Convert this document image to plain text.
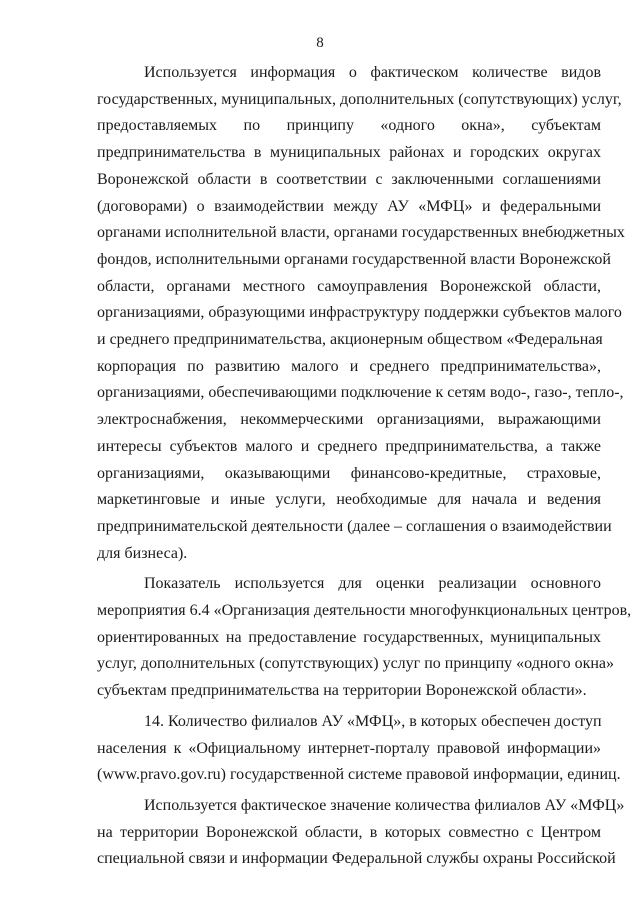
8
Используется информация о фактическом количестве видов
государственных, муниципальных, дополнительных (сопутствующих) услуг,
предоставляемых по принципу «одного окна», субъектам
предпринимательства в муниципальных районах и городских округах
Воронежской области в соответствии с заключенными соглашениями
(договорами) о взаимодействии между АУ «МФЦ» и федеральными
органами исполнительной власти, органами государственных внебюджетных
фондов, исполнительными органами государственной власти Воронежской
области, органами местного самоуправления Воронежской области,
организациями, образующими инфраструктуру поддержки субъектов малого
и среднего предпринимательства, акционерным обществом «Федеральная
корпорация по развитию малого и среднего предпринимательства»,
организациями, обеспечивающими подключение к сетям водо-, газо-, тепло-,
электроснабжения, некоммерческими организациями, выражающими
интересы субъектов малого и среднего предпринимательства, а также
организациями, оказывающими финансово-кредитные, страховые,
маркетинговые и иные услуги, необходимые для начала и ведения
предпринимательской деятельности (далее – соглашения о взаимодействии
для бизнеса).
Показатель используется для оценки реализации основного
мероприятия 6.4 «Организация деятельности многофункциональных центров,
ориентированных на предоставление государственных, муниципальных
услуг, дополнительных (сопутствующих) услуг по принципу «одного окна»
субъектам предпринимательства на территории Воронежской области».
14. Количество филиалов АУ «МФЦ», в которых обеспечен доступ
населения к «Официальному интернет-порталу правовой информации»
(www.pravo.gov.ru) государственной системе правовой информации, единиц.
Используется фактическое значение количества филиалов АУ «МФЦ»
на территории Воронежской области, в которых совместно с Центром
специальной связи и информации Федеральной службы охраны Российской
